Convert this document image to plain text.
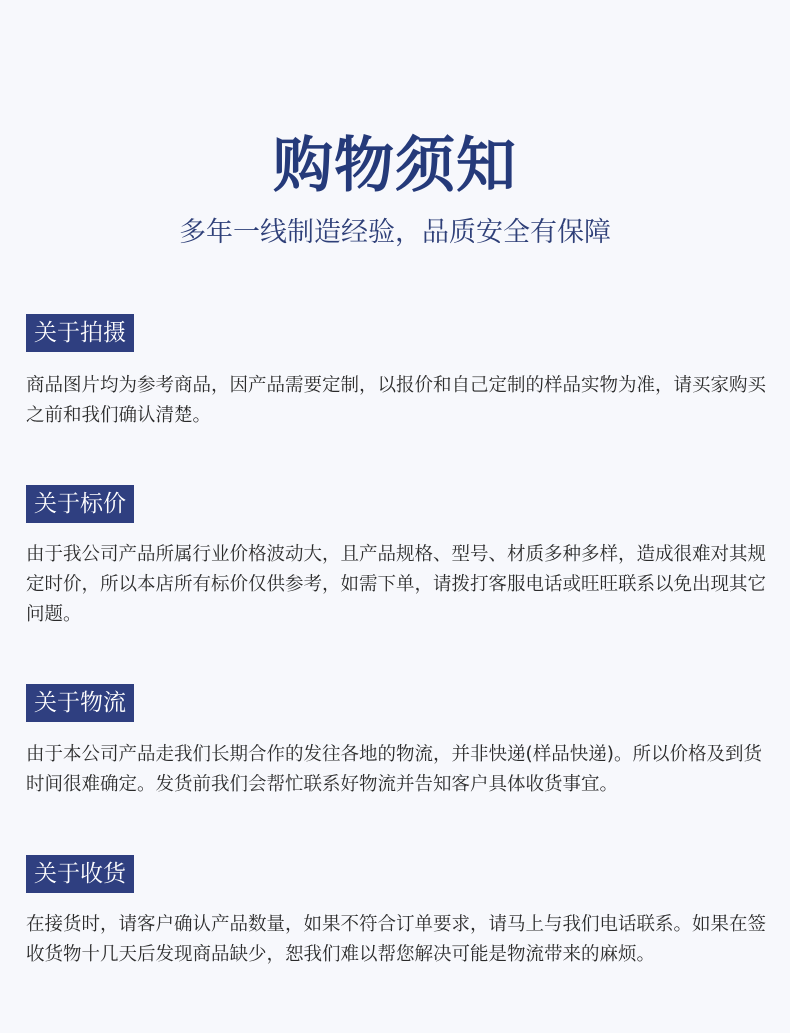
购物须知
多年一线制造经验，品质安全有保障
关于拍摄
商品图片均为参考商品，因产品需要定制，以报价和自己定制的样品实物为准，请买家购买之前和我们确认清楚。
关于标价
由于我公司产品所属行业价格波动大，且产品规格、型号、材质多种多样，造成很难对其规定时价，所以本店所有标价仅供参考，如需下单，请拨打客服电话或旺旺联系以免出现其它问题。
关于物流
由于本公司产品走我们长期合作的发往各地的物流，并非快递(样品快递)。所以价格及到货时间很难确定。发货前我们会帮忙联系好物流并告知客户具体收货事宜。
关于收货
在接货时，请客户确认产品数量，如果不符合订单要求，请马上与我们电话联系。如果在签收货物十几天后发现商品缺少，恕我们难以帮您解决可能是物流带来的麻烦。
